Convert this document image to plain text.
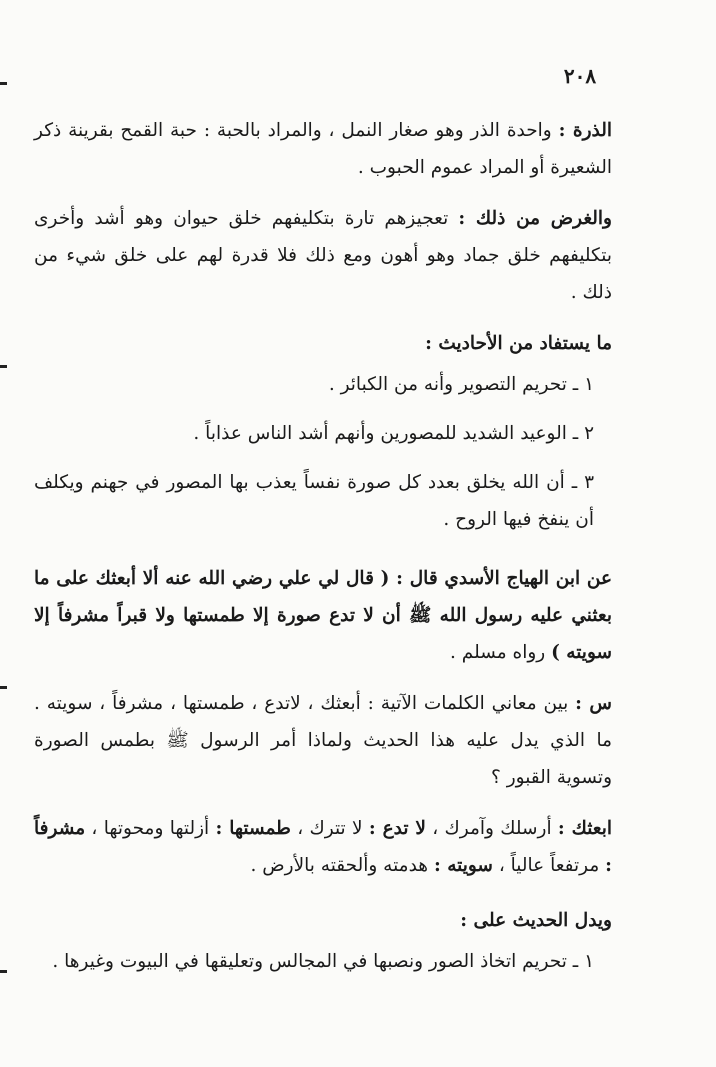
٢٠٨

الذرة : واحدة الذر وهو صغار النمل ، والمراد بالحبة : حبة القمح بقرينة ذكر الشعيرة أو المراد عموم الحبوب .

والغرض من ذلك : تعجيزهم تارة بتكليفهم خلق حيوان وهو أشد وأخرى بتكليفهم خلق جماد وهو أهون ومع ذلك فلا قدرة لهم على خلق شيء من ذلك .

ما يستفاد من الأحاديث :

١ ـ تحريم التصوير وأنه من الكبائر .

٢ ـ الوعيد الشديد للمصورين وأنهم أشد الناس عذاباً .

٣ ـ أن الله يخلق بعدد كل صورة نفساً يعذب بها المصور في جهنم ويكلف أن ينفخ فيها الروح .

عن ابن الهياج الأسدي قال : ( قال لي علي رضي الله عنه ألا أبعثك على ما بعثني عليه رسول الله ﷺ أن لا تدع صورة إلا طمستها ولا قبراً مشرفاً إلا سويته ) رواه مسلم .

س : بين معاني الكلمات الآتية : أبعثك ، لاتدع ، طمستها ، مشرفاً ، سويته . ما الذي يدل عليه هذا الحديث ولماذا أمر الرسول ﷺ بطمس الصورة وتسوية القبور ؟

ابعثك : أرسلك وآمرك ، لا تدع : لا تترك ، طمستها : أزلتها ومحوتها ، مشرفاً : مرتفعاً عالياً ، سويته : هدمته وألحقته بالأرض .

ويدل الحديث على :

١ ـ تحريم اتخاذ الصور ونصبها في المجالس وتعليقها في البيوت وغيرها .
